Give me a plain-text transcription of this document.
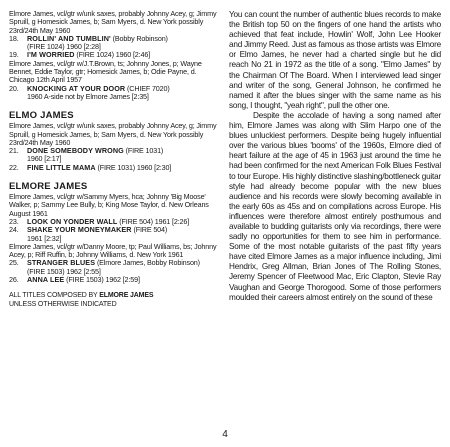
Elmore James, vcl/gtr w/unk saxes, probably Johnny Acey, g; Jimmy Spruill, g Homesick James, b; Sam Myers, d. New York possibly 23rd/24th May 1960

18.	ROLLIN' AND TUMBLIN' (Bobby Robinson)
(FIRE 1024) 1960 [2:28]
19.	I'M WORRIED (FIRE 1024) 1960 [2:46]

Elmore James, vcl/gtr w/J.T.Brown, ts; Johnny Jones, p; Wayne Bennet, Eddie Taylor, gtr; Homesick James, b; Odie Payne, d. Chicago 12th April 1957

20.	KNOCKING AT YOUR DOOR (CHIEF 7020)
1960 A-side not by Elmore James [2:35]
ELMO JAMES

Elmore James, vcl/gtr w/unk saxes, probably Johnny Acey, g; Jimmy Spruill, g Homesick James, b; Sam Myers, d. New York possibly 23rd/24th May 1960

21.	DONE SOMEBODY WRONG (FIRE 1031)
1960 [2:17]
22.	FINE LITTLE MAMA (FIRE 1031) 1960 [2:30]
ELMORE JAMES

Elmore James, vcl/gtr w/Sammy Myers, hca; Johnny 'Big Moose' Walker, p; Sammy Lee Bully, b; King Mose Taylor, d. New Orleans August 1961

23.	LOOK ON YONDER WALL (FIRE 504) 1961 [2:26]
24.	SHAKE YOUR MONEYMAKER (FIRE 504)
1961 [2:32]

Elmore James, vcl/gtr w/Danny Moore, tp; Paul Williams, bs; Johnny Acey, p; Riff Ruffin, b; Johnny Williams, d. New York 1961

25.	STRANGER BLUES (Elmore James, Bobby Robinson)
(FIRE 1503) 1962 [2:55]
26.	ANNA LEE (FIRE 1503) 1962 [2:59]
ALL TITLES COMPOSED BY ELMORE JAMES
UNLESS OTHERWISE INDICATED

You can count the number of authentic blues records to make the British top 50 on the fingers of one hand the artists who achieved that feat include, Howlin' Wolf, John Lee Hooker and Jimmy Reed. Just as famous as those artists was Elmore or Elmo James, he never had a charted single but he did reach No 21 in 1972 as the title of a song. "Elmo James" by the Chairman Of The Board. When I interviewed lead singer and writer of the song, General Johnson, he confirmed he named it after the blues singer with the same name as his song, I thought, "yeah right", pull the other one.

Despite the accolade of having a song named after him, Elmore James was along with Slim Harpo one of the blues unluckiest performers. Despite being hugely influential over the various blues 'booms' of the 1960s, Elmore died of heart failure at the age of 45 in 1963 just around the time he had been confirmed for the next American Folk Blues Festival to tour Europe. His highly distinctive slashing/bottleneck guitar style had already become popular with the new blues audience and his records were slowly becoming available in the early 60s as 45s and on compilations across Europe. His influences were therefore almost entirely posthumous and available to budding guitarists only via recordings, there were sadly no opportunities for them to see him in performance. Some of the most notable guitarists of the past fifty years have cited Elmore James as a major influence including, Jimi Hendrix, Greg Allman, Brian Jones of The Rolling Stones, Jeremy Spencer of Fleetwood Mac, Eric Clapton, Stevie Ray Vaughan and George Thorogood. Some of those performers moulded their careers almost entirely on the sound of these

4
